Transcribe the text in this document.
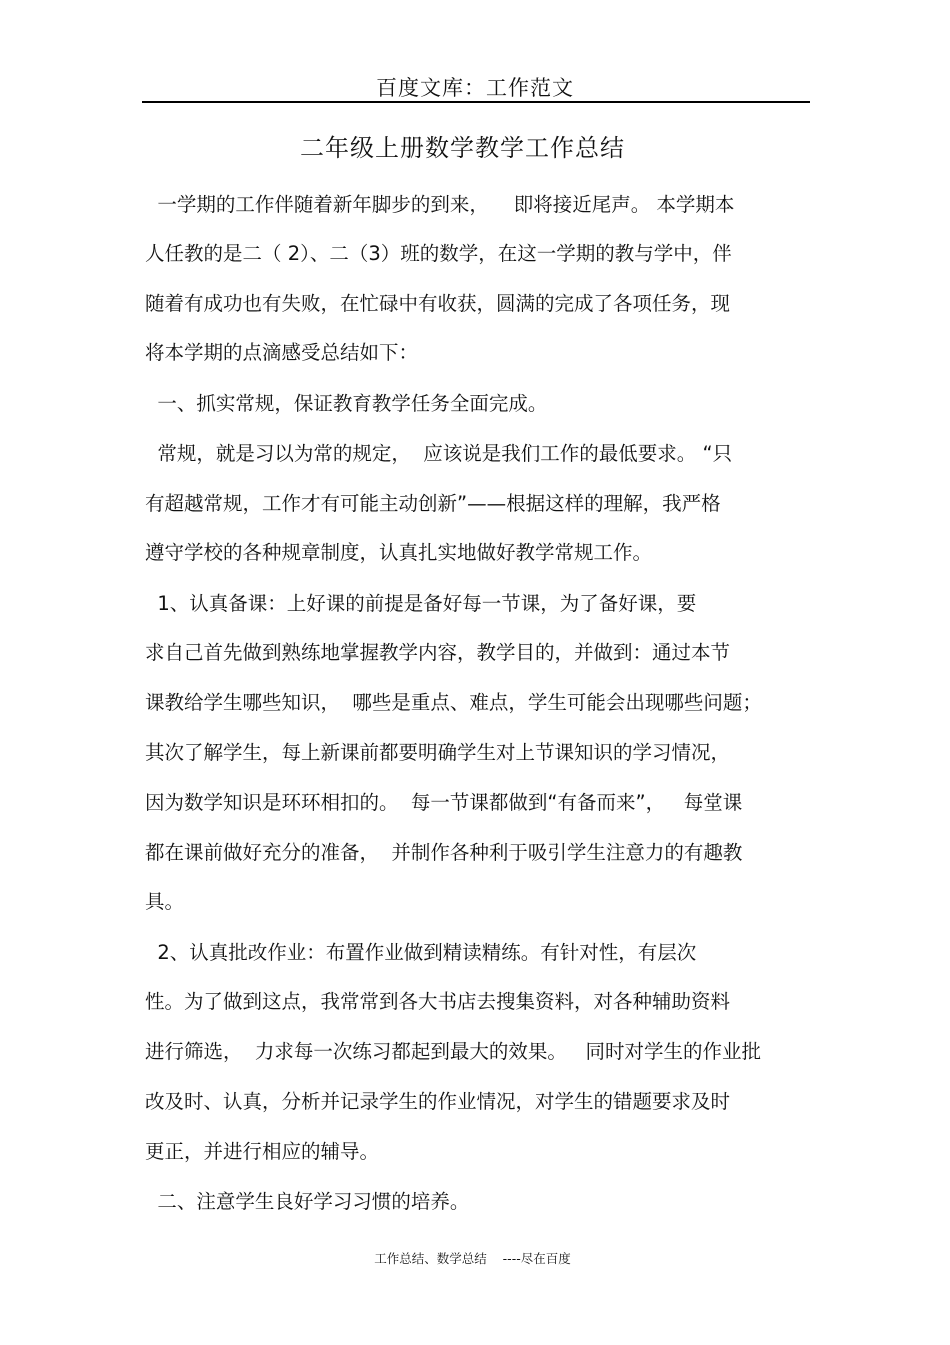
百度文库：工作范文
二年级上册数学教学工作总结
一学期的工作伴随着新年脚步的到来，    即将接近尾声。 本学期本
人任教的是二（ 2）、二（3）班的数学，在这一学期的教与学中，伴
随着有成功也有失败，在忙碌中有收获，圆满的完成了各项任务，现
将本学期的点滴感受总结如下：
一、抓实常规，保证教育教学任务全面完成。
常规，就是习以为常的规定，  应该说是我们工作的最低要求。 “只
有超越常规，工作才有可能主动创新”——根据这样的理解，我严格
遵守学校的各种规章制度，认真扎实地做好教学常规工作。
1、认真备课：上好课的前提是备好每一节课，为了备好课，要
求自己首先做到熟练地掌握教学内容，教学目的，并做到：通过本节
课教给学生哪些知识，  哪些是重点、难点，学生可能会出现哪些问题；
其次了解学生，每上新课前都要明确学生对上节课知识的学习情况，
因为数学知识是环环相扣的。  每一节课都做到“有备而来”，   每堂课
都在课前做好充分的准备，  并制作各种利于吸引学生注意力的有趣教
具。
2、认真批改作业：布置作业做到精读精练。有针对性，有层次
性。为了做到这点，我常常到各大书店去搜集资料，对各种辅助资料
进行筛选，  力求每一次练习都起到最大的效果。   同时对学生的作业批
改及时、认真，分析并记录学生的作业情况，对学生的错题要求及时
更正，并进行相应的辅导。
二、注意学生良好学习习惯的培养。
工作总结、数学总结    ----尽在百度
